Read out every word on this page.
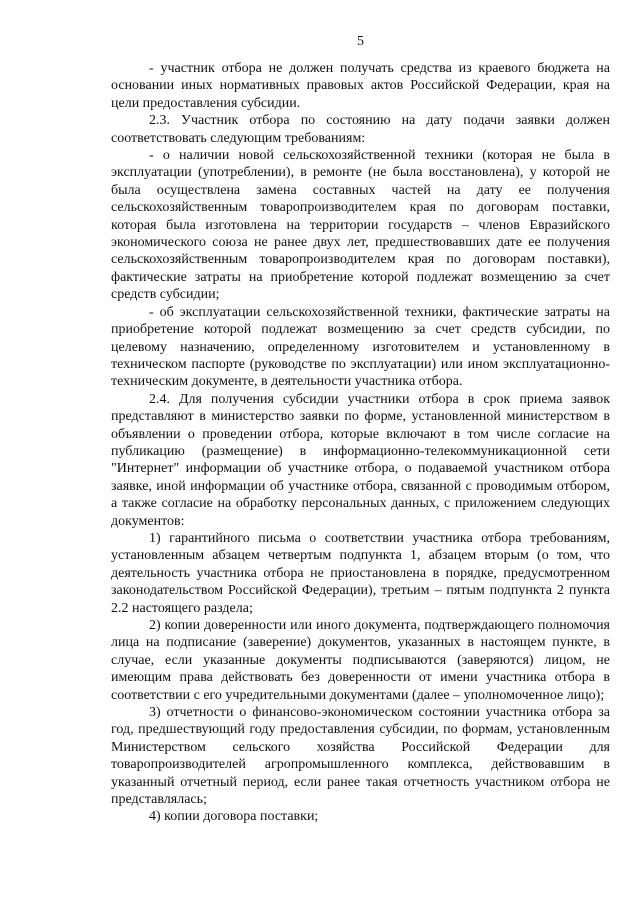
5

- участник отбора не должен получать средства из краевого бюджета на основании иных нормативных правовых актов Российской Федерации, края на цели предоставления субсидии.

2.3. Участник отбора по состоянию на дату подачи заявки должен соответствовать следующим требованиям:

- о наличии новой сельскохозяйственной техники (которая не была в эксплуатации (употреблении), в ремонте (не была восстановлена), у которой не была осуществлена замена составных частей на дату ее получения сельскохозяйственным товаропроизводителем края по договорам поставки, которая была изготовлена на территории государств – членов Евразийского экономического союза не ранее двух лет, предшествовавших дате ее получения сельскохозяйственным товаропроизводителем края по договорам поставки), фактические затраты на приобретение которой подлежат возмещению за счет средств субсидии;

- об эксплуатации сельскохозяйственной техники, фактические затраты на приобретение которой подлежат возмещению за счет средств субсидии, по целевому назначению, определенному изготовителем и установленному в техническом паспорте (руководстве по эксплуатации) или ином эксплуатационно-техническим документе, в деятельности участника отбора.

2.4. Для получения субсидии участники отбора в срок приема заявок представляют в министерство заявки по форме, установленной министерством в объявлении о проведении отбора, которые включают в том числе согласие на публикацию (размещение) в информационно-телекоммуникационной сети "Интернет" информации об участнике отбора, о подаваемой участником отбора заявке, иной информации об участнике отбора, связанной с проводимым отбором, а также согласие на обработку персональных данных, с приложением следующих документов:

1) гарантийного письма о соответствии участника отбора требованиям, установленным абзацем четвертым подпункта 1, абзацем вторым (о том, что деятельность участника отбора не приостановлена в порядке, предусмотренном законодательством Российской Федерации), третьим – пятым подпункта 2 пункта 2.2 настоящего раздела;

2) копии доверенности или иного документа, подтверждающего полномочия лица на подписание (заверение) документов, указанных в настоящем пункте, в случае, если указанные документы подписываются (заверяются) лицом, не имеющим права действовать без доверенности от имени участника отбора в соответствии с его учредительными документами (далее – уполномоченное лицо);

3) отчетности о финансово-экономическом состоянии участника отбора за год, предшествующий году предоставления субсидии, по формам, установленным Министерством сельского хозяйства Российской Федерации для товаропроизводителей агропромышленного комплекса, действовавшим в указанный отчетный период, если ранее такая отчетность участником отбора не представлялась;

4) копии договора поставки;
